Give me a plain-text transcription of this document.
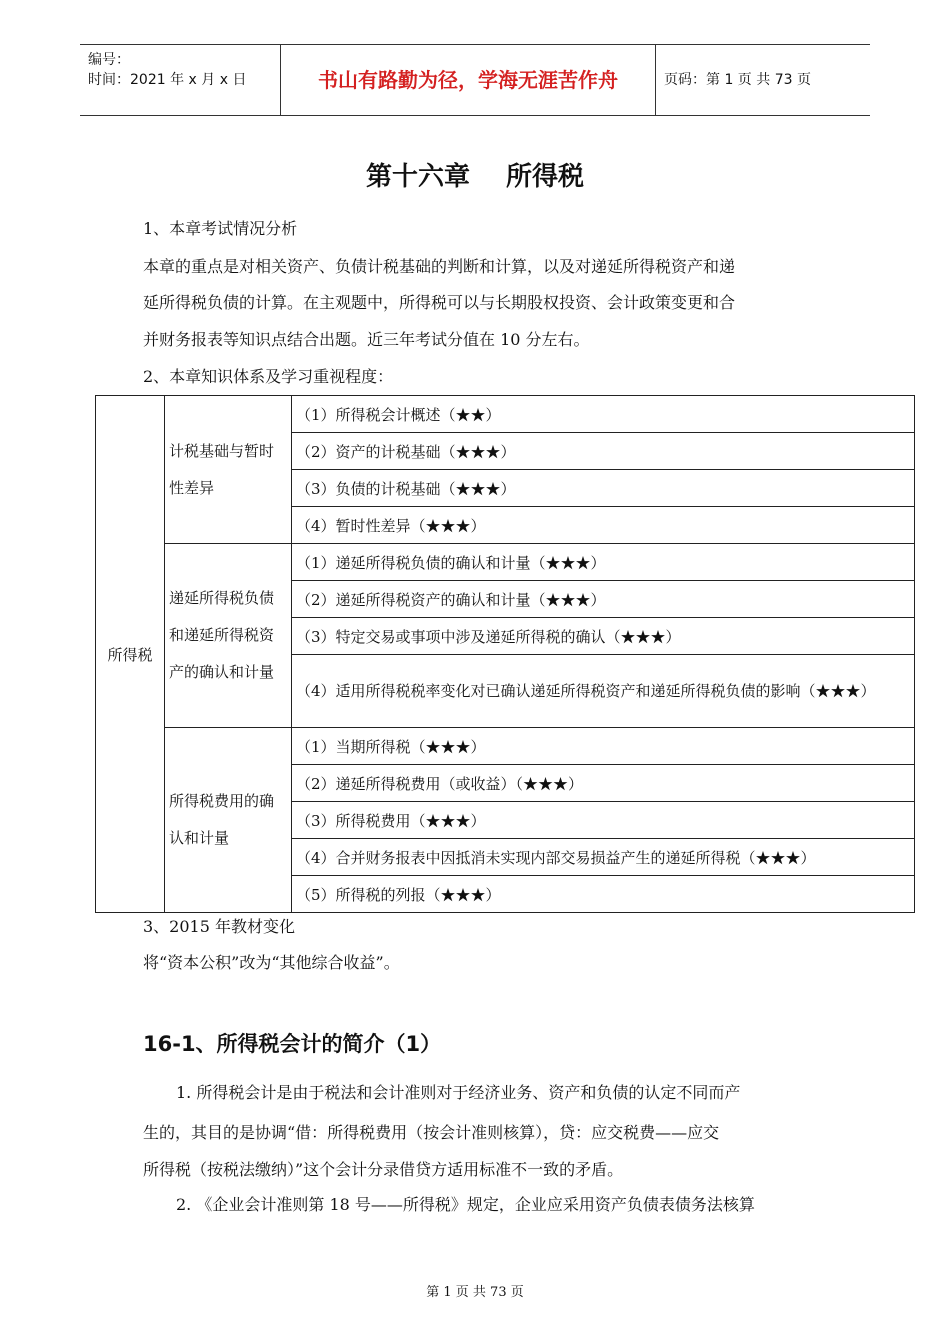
编号：
时间：2021 年 x 月 x 日	书山有路勤为径，学海无涯苦作舟	页码：第 1 页 共 73 页
第十六章 所得税
1、本章考试情况分析
本章的重点是对相关资产、负债计税基础的判断和计算，以及对递延所得税资产和递
延所得税负债的计算。在主观题中，所得税可以与长期股权投资、会计政策变更和合
并财务报表等知识点结合出题。近三年考试分值在 10 分左右。
2、本章知识体系及学习重视程度：
所得税	计税基础与暂时性差异	（1）所得税会计概述（★★）
		（2）资产的计税基础（★★★）
		（3）负债的计税基础（★★★）
		（4）暂时性差异（★★★）
	递延所得税负债和递延所得税资产的确认和计量	（1）递延所得税负债的确认和计量（★★★）
		（2）递延所得税资产的确认和计量（★★★）
		（3）特定交易或事项中涉及递延所得税的确认（★★★）
		（4）适用所得税税率变化对已确认递延所得税资产和递延所得税负债的影响（★★★）
	所得税费用的确认和计量	（1）当期所得税（★★★）
		（2）递延所得税费用（或收益）（★★★）
		（3）所得税费用（★★★）
		（4）合并财务报表中因抵消未实现内部交易损益产生的递延所得税（★★★）
		（5）所得税的列报（★★★）
3、2015 年教材变化
将“资本公积”改为“其他综合收益”。
16-1、所得税会计的简介（1）
1. 所得税会计是由于税法和会计准则对于经济业务、资产和负债的认定不同而产
生的，其目的是协调“借：所得税费用（按会计准则核算），贷：应交税费——应交
所得税（按税法缴纳）”这个会计分录借贷方适用标准不一致的矛盾。
2. 《企业会计准则第 18 号——所得税》规定，企业应采用资产负债表债务法核算
第 1 页 共 73 页
